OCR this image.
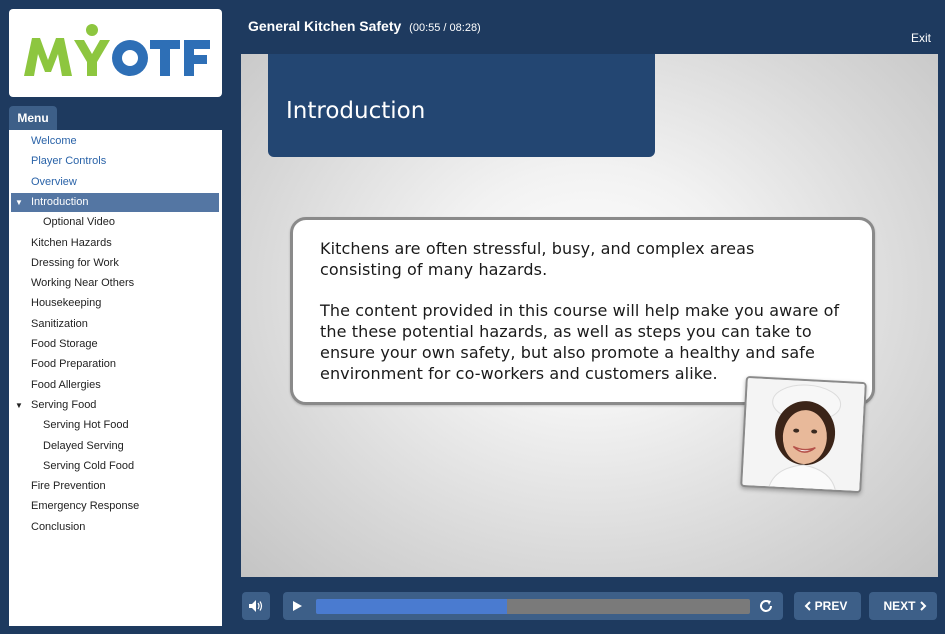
Menu
Welcome
Player Controls
Overview
▼ Introduction
Optional Video
Kitchen Hazards
Dressing for Work
Working Near Others
Housekeeping
Sanitization
Food Storage
Food Preparation
Food Allergies
▼ Serving Food
Serving Hot Food
Delayed Serving
Serving Cold Food
Fire Prevention
Emergency Response
Conclusion
General Kitchen Safety (00:55 / 08:28)
Exit
Introduction
Kitchens are often stressful, busy, and complex areas consisting of many hazards.
The content provided in this course will help make you aware of the these potential hazards, as well as steps you can take to ensure your own safety, but also promote a healthy and safe environment for co-workers and customers alike.
PREV	NEXT
